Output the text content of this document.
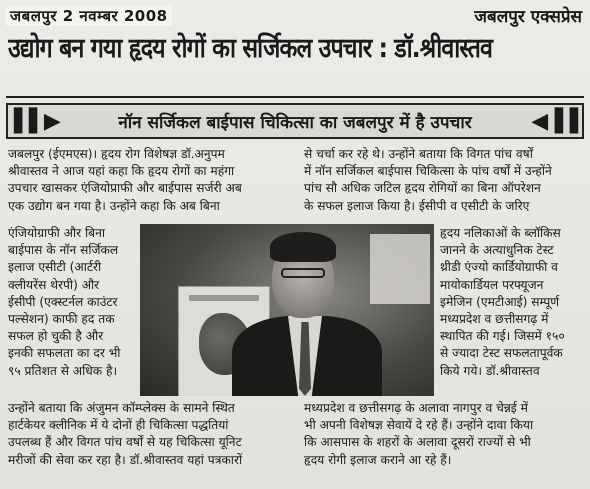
जबलपुर 2 नवम्बर 2008	जबलपुर एक्सप्रेस
उद्योग बन गया हृदय रोगों का सर्जिकल उपचार : डॉ.श्रीवास्तव
▌▌▶	नॉन सर्जिकल बाईपास चिकित्सा का जबलपुर में है उपचार	◀▐▐
जबलपुर (ईएमएस)। हृदय रोग विशेषज्ञ डॉ.अनुपम
श्रीवास्तव ने आज यहां कहा कि हृदय रोगों का महंगा
उपचार खासकर एंजियोप्राफी और बाईपास सर्जरी अब
एक उद्योग बन गया है। उन्होंने कहा कि अब बिना
एंजियोग्राफी और बिना
बाईपास के नॉन सर्जिकल
इलाज एसीटी (आर्टरी
क्लीयरेंस थेरपी) और
ईसीपी (एक्स्टर्नल काउंटर
पल्सेशन) काफी हद तक
सफल हो चुकी है और
इनकी सफलता का दर भी
९५ प्रतिशत से अधिक है।
उन्होंने बताया कि अंजुमन कॉम्प्लेक्स के सामने स्थित
हार्टकेयर क्लीनिक में ये दोनों ही चिकित्सा पद्धतियां
उपलब्ध हैं और विगत पांच वर्षों से यह चिकित्सा यूनिट
मरीजों की सेवा कर रहा है। डॉ.श्रीवास्तव यहां पत्रकारों
से चर्चा कर रहे थे। उन्होंने बताया कि विगत पांच वर्षों
में नॉन सर्जिकल बाईपास चिकित्सा के पांच वर्षों में उन्होंने
पांच सौ अधिक जटिल हृदय रोगियों का बिना ऑपरेशन
के सफल इलाज किया है। ईसीपी व एसीटी के जरिए
हृदय नलिकाओं के ब्लॉकिस
जानने के अत्याधुनिक टेस्ट
थ्रीडी एंज्यो कार्डियोग्राफी व
मायोकार्डियल परफ्यूजन
इमेजिन (एमटीआई) सम्पूर्ण
मध्यप्रदेश व छत्तीसगढ़ में
स्थापित की गई। जिसमें १५०
से ज्यादा टेस्ट सफलतापूर्वक
किये गये। डॉ.श्रीवास्तव
मध्यप्रदेश व छत्तीसगढ़ के अलावा नागपुर व चेन्नई में
भी अपनी विशेषज्ञ सेवायें दे रहे हैं। उन्होंने दावा किया
कि आसपास के शहरों के अलावा दूसरों राज्यों से भी
हृदय रोगी इलाज कराने आ रहे हैं।
